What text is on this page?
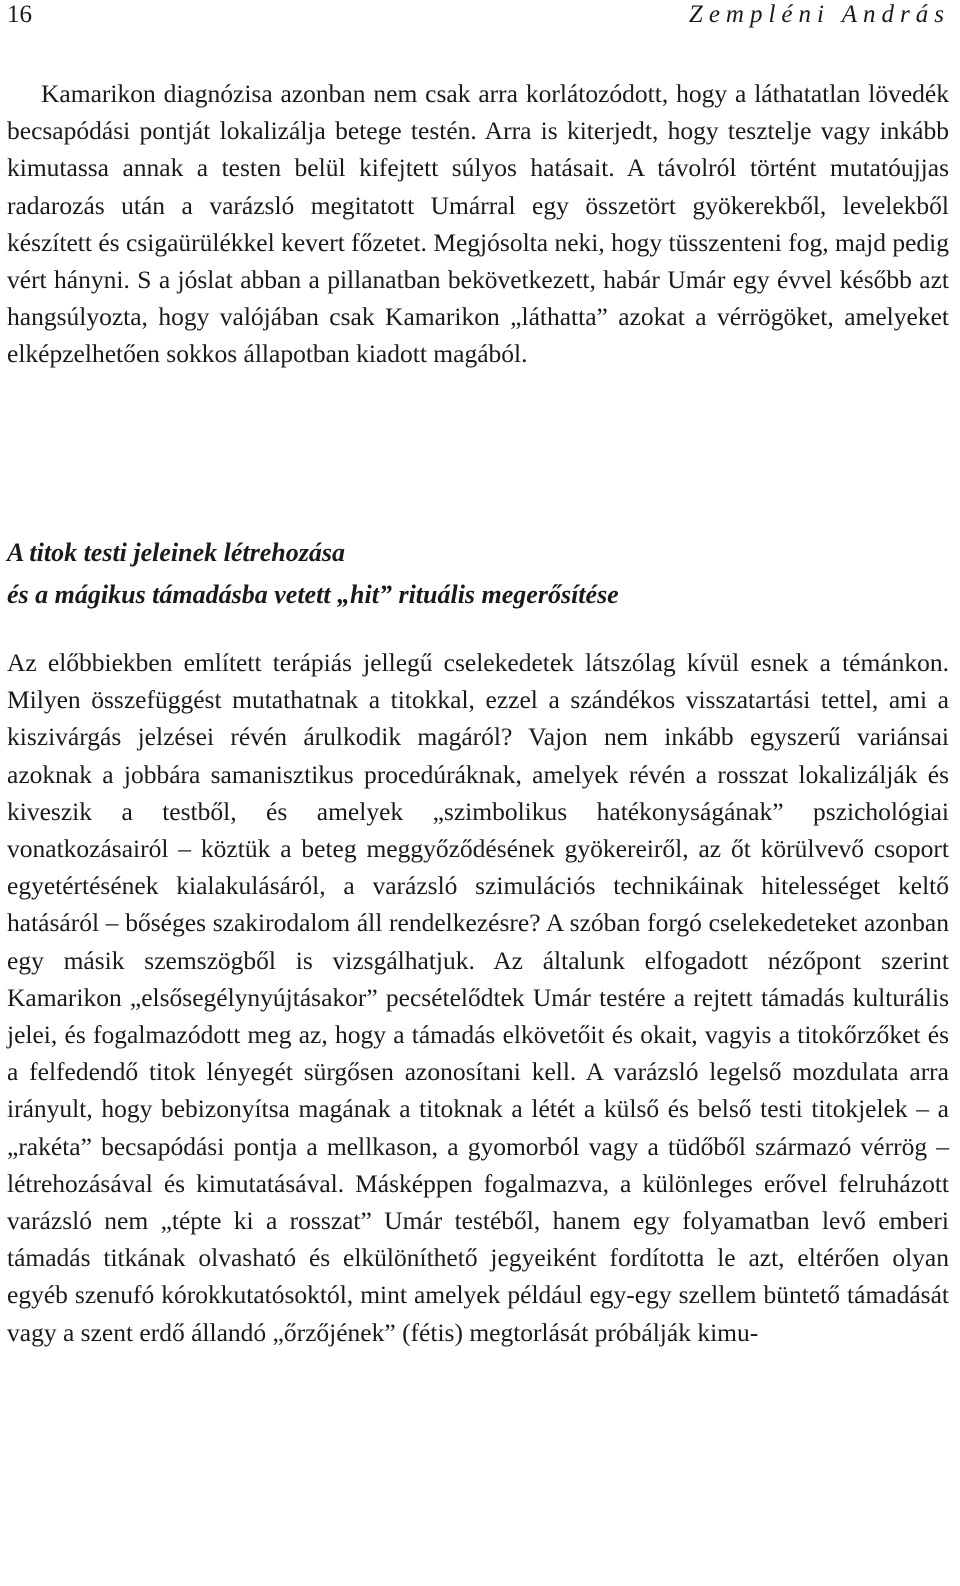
16	Zempléni András

Kamarikon diagnózisa azonban nem csak arra korlátozódott, hogy a láthatatlan lövedék becsapódási pontját lokalizálja betege testén. Arra is kiterjedt, hogy tesztelje vagy inkább kimutassa annak a testen belül kifejtett súlyos hatásait. A távolról történt mutatóujjas radarozás után a varázsló megitatott Umárral egy összetört gyökerekből, levelekből készített és csigaürülékkel kevert főzetet. Megjósolta neki, hogy tüsszenteni fog, majd pedig vért hányni. S a jóslat abban a pillanatban bekövetkezett, habár Umár egy évvel később azt hangsúlyozta, hogy valójában csak Kamarikon „láthatta” azokat a vérrögöket, amelyeket elképzelhetően sokkos állapotban kiadott magából.

A titok testi jeleinek létrehozása
és a mágikus támadásba vetett „hit” rituális megerősítése

Az előbbiekben említett terápiás jellegű cselekedetek látszólag kívül esnek a témánkon. Milyen összefüggést mutathatnak a titokkal, ezzel a szándékos visszatartási tettel, ami a kiszivárgás jelzései révén árulkodik magáról? Vajon nem inkább egyszerű variánsai azoknak a jobbára samanisztikus procedúráknak, amelyek révén a rosszat lokalizálják és kiveszik a testből, és amelyek „szimbolikus hatékonyságának” pszichológiai vonatkozásairól – köztük a beteg meggyőződésének gyökereiről, az őt körülvevő csoport egyetértésének kialakulásáról, a varázsló szimulációs technikáinak hitelességet keltő hatásáról – bőséges szakirodalom áll rendelkezésre? A szóban forgó cselekedeteket azonban egy másik szemszögből is vizsgálhatjuk. Az általunk elfogadott nézőpont szerint Kamarikon „elsősegélynyújtásakor” pecsételődtek Umár testére a rejtett támadás kulturális jelei, és fogalmazódott meg az, hogy a támadás elkövetőit és okait, vagyis a titokőrzőket és a felfedendő titok lényegét sürgősen azonosítani kell. A varázsló legelső mozdulata arra irányult, hogy bebizonyítsa magának a titoknak a létét a külső és belső testi titokjelek – a „rakéta” becsapódási pontja a mellkason, a gyomorból vagy a tüdőből származó vérrög – létrehozásával és kimutatásával. Másképpen fogalmazva, a különleges erővel felruházott varázsló nem „tépte ki a rosszat” Umár testéből, hanem egy folyamatban levő emberi támadás titkának olvasható és elkülöníthető jegyeiként fordította le azt, eltérően olyan egyéb szenufó kórokkutatósoktól, mint amelyek például egy-egy szellem büntető támadását vagy a szent erdő állandó „őrzőjének” (fétis) megtorlását próbálják kimu-
